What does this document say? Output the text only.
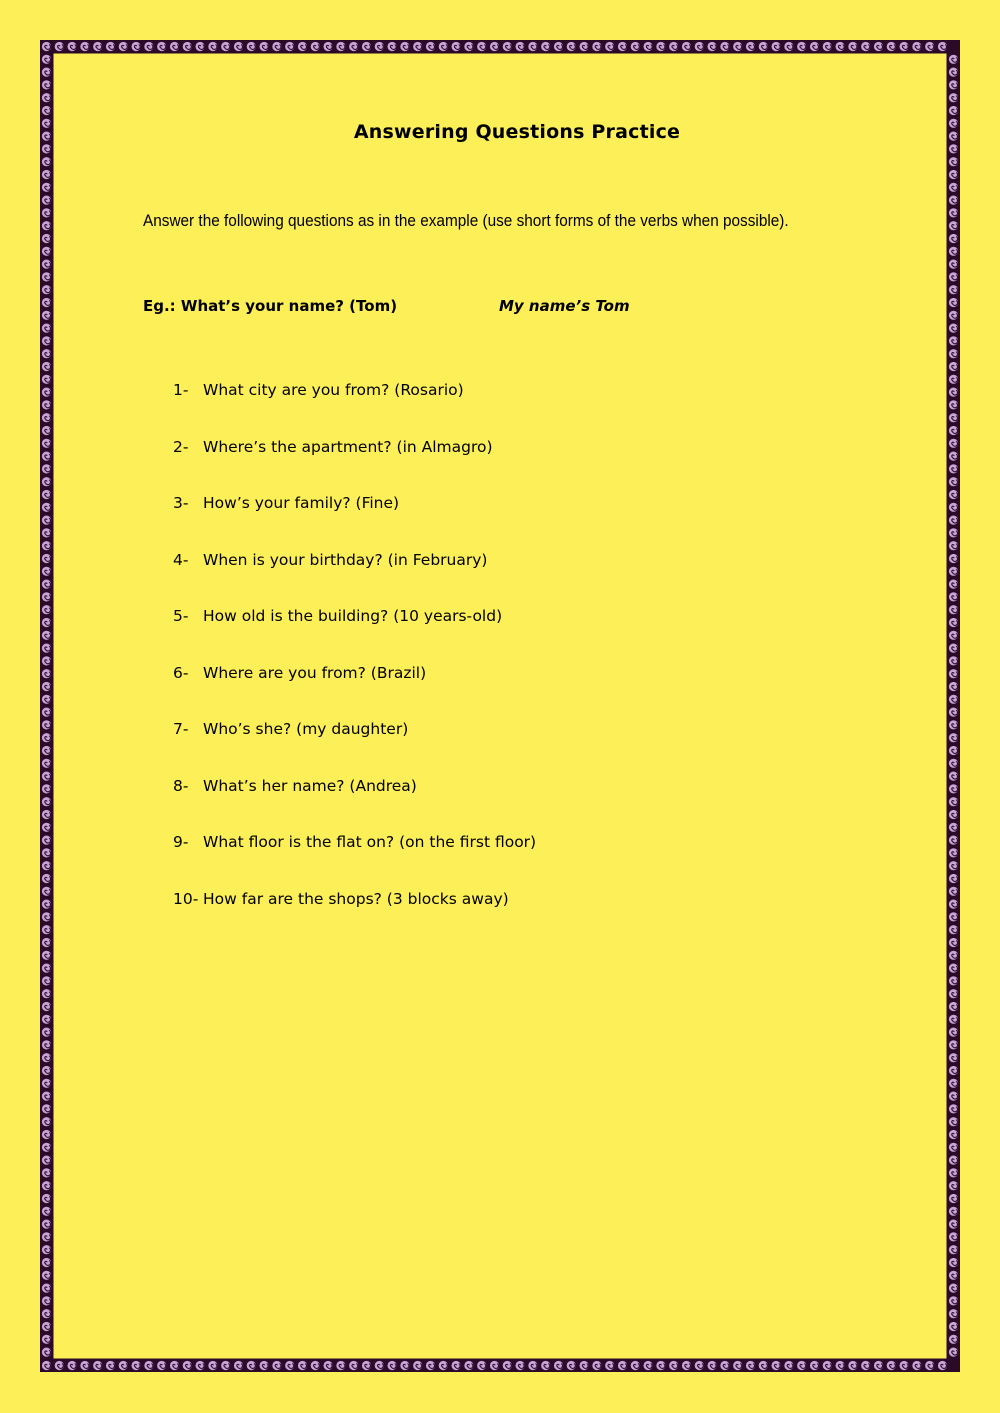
Answering Questions Practice
Answer the following questions as in the example (use short forms of the verbs when possible).
Eg.: What’s your name? (Tom)	My name’s Tom
1- What city are you from? (Rosario)
2- Where’s the apartment? (in Almagro)
3- How’s your family? (Fine)
4- When is your birthday? (in February)
5- How old is the building? (10 years-old)
6- Where are you from? (Brazil)
7- Who’s she? (my daughter)
8- What’s her name? (Andrea)
9- What floor is the flat on? (on the first floor)
10- How far are the shops? (3 blocks away)
